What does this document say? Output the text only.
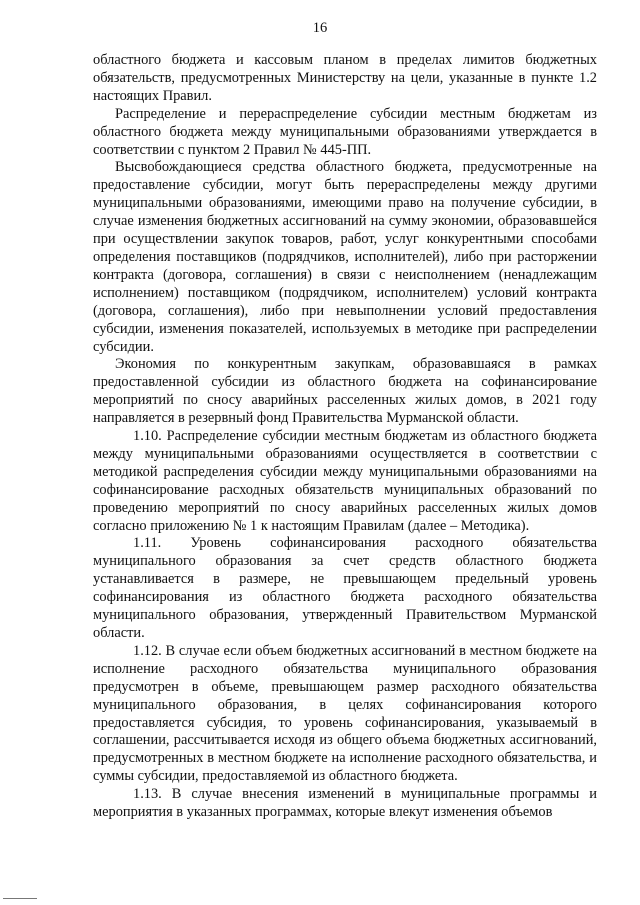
16

областного бюджета и кассовым планом в пределах лимитов бюджетных обязательств, предусмотренных Министерству на цели, указанные в пункте 1.2 настоящих Правил.

Распределение и перераспределение субсидии местным бюджетам из областного бюджета между муниципальными образованиями утверждается в соответствии с пунктом 2 Правил № 445-ПП.

Высвобождающиеся средства областного бюджета, предусмотренные на предоставление субсидии, могут быть перераспределены между другими муниципальными образованиями, имеющими право на получение субсидии, в случае изменения бюджетных ассигнований на сумму экономии, образовавшейся при осуществлении закупок товаров, работ, услуг конкурентными способами определения поставщиков (подрядчиков, исполнителей), либо при расторжении контракта (договора, соглашения) в связи с неисполнением (ненадлежащим исполнением) поставщиком (подрядчиком, исполнителем) условий контракта (договора, соглашения), либо при невыполнении условий предоставления субсидии, изменения показателей, используемых в методике при распределении субсидии.

Экономия по конкурентным закупкам, образовавшаяся в рамках предоставленной субсидии из областного бюджета на софинансирование мероприятий по сносу аварийных расселенных жилых домов, в 2021 году направляется в резервный фонд Правительства Мурманской области.

1.10. Распределение субсидии местным бюджетам из областного бюджета между муниципальными образованиями осуществляется в соответствии с методикой распределения субсидии между муниципальными образованиями на софинансирование расходных обязательств муниципальных образований по проведению мероприятий по сносу аварийных расселенных жилых домов согласно приложению № 1 к настоящим Правилам (далее – Методика).

1.11. Уровень софинансирования расходного обязательства муниципального образования за счет средств областного бюджета устанавливается в размере, не превышающем предельный уровень софинансирования из областного бюджета расходного обязательства муниципального образования, утвержденный Правительством Мурманской области.

1.12. В случае если объем бюджетных ассигнований в местном бюджете на исполнение расходного обязательства муниципального образования предусмотрен в объеме, превышающем размер расходного обязательства муниципального образования, в целях софинансирования которого предоставляется субсидия, то уровень софинансирования, указываемый в соглашении, рассчитывается исходя из общего объема бюджетных ассигнований, предусмотренных в местном бюджете на исполнение расходного обязательства, и суммы субсидии, предоставляемой из областного бюджета.

1.13. В случае внесения изменений в муниципальные программы и мероприятия в указанных программах, которые влекут изменения объемов
